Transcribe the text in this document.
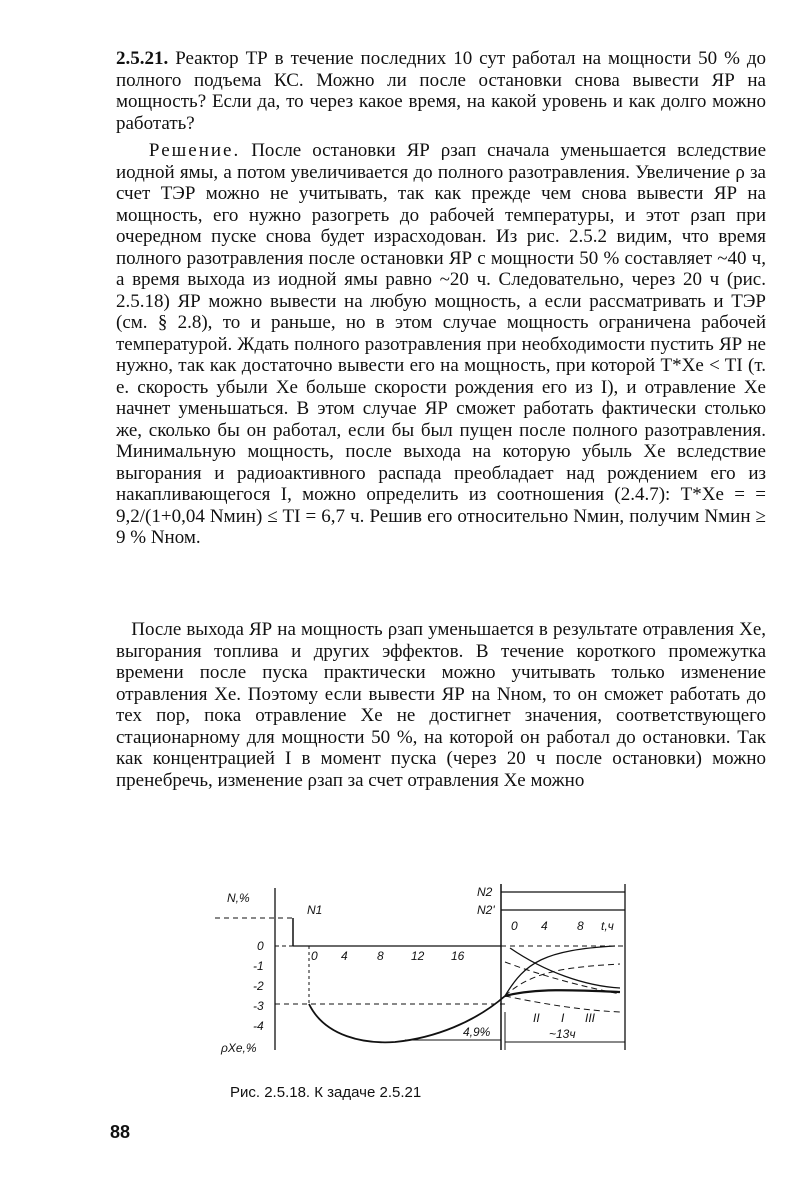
2.5.21. Реактор ТР в течение последних 10 сут работал на мощности 50 % до полного подъема КС. Можно ли после остановки снова вывести ЯР на мощность? Если да, то через какое время, на какой уровень и как долго можно работать?
Решение. После остановки ЯР ρзап сначала уменьшается вследствие иодной ямы, а потом увеличивается до полного разотравления. Увеличение ρ за счет ТЭР можно не учитывать, так как прежде чем снова вывести ЯР на мощность, его нужно разогреть до рабочей температуры, и этот ρзап при очередном пуске снова будет израсходован. Из рис. 2.5.2 видим, что время полного разотравления после остановки ЯР с мощности 50 % составляет ~40 ч, а время выхода из иодной ямы равно ~20 ч. Следовательно, через 20 ч (рис. 2.5.18) ЯР можно вывести на любую мощность, а если рассматривать и ТЭР (см. § 2.8), то и раньше, но в этом случае мощность ограничена рабочей температурой. Ждать полного разотравления при необходимости пустить ЯР не нужно, так как достаточно вывести его на мощность, при которой T*Xe < TI (т. е. скорость убыли Xe больше скорости рождения его из I), и отравление Xe начнет уменьшаться. В этом случае ЯР сможет работать фактически столько же, сколько бы он работал, если бы был пущен после полного разотравления. Минимальную мощность, после выхода на которую убыль Xe вследствие выгорания и радиоактивного распада преобладает над рождением его из накапливающегося I, можно определить из соотношения (2.4.7): T*Xe = = 9,2/(1+0,04 Nмин) ≤ TI = 6,7 ч. Решив его относительно Nмин, получим Nмин ≥ 9 % Nном.
После выхода ЯР на мощность ρзап уменьшается в результате отравления Xe, выгорания топлива и других эффектов. В течение короткого промежутка времени после пуска практически можно учитывать только изменение отравления Xe. Поэтому если вывести ЯР на Nном, то он сможет работать до тех пор, пока отравление Xe не достигнет значения, соответствующего стационарному для мощности 50 %, на которой он работал до остановки. Так как концентрацией I в момент пуска (через 20 ч после остановки) можно пренебречь, изменение ρзап за счет отравления Xe можно
N,%
ρXe,%
N1
N2
N2'
0
-1
-2
-3
-4
0 4 8 12 16
0 4 8 t,ч
4,9%	~13ч
II I III
Рис. 2.5.18. К задаче 2.5.21
88
